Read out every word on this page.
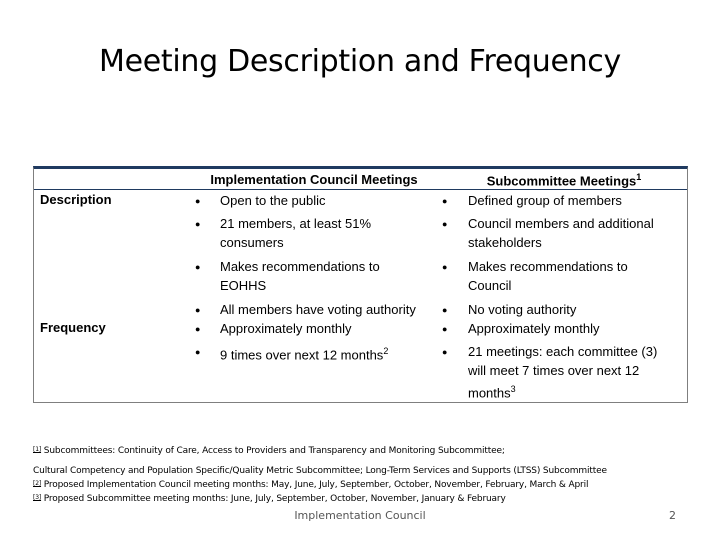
Meeting Description and Frequency
Implementation Council Meetings	Subcommittee Meetings$^1$
Description
Frequency
● Open to the public
● 21 members, at least 51%
consumers
● Makes recommendations to
EOHHS
● All members have voting authority
● Approximately monthly
● 9 times over next 12 months$^2$
● Defined group of members
● Council members and additional
stakeholders
● Makes recommendations to
Council
● No voting authority
● Approximately monthly
● 21 meetings: each committee (3)
will meet 7 times over next 12
months$^3$
[1] Subcommittees: Continuity of Care, Access to Providers and Transparency and Monitoring Subcommittee;
Cultural Competency and Population Specific/Quality Metric Subcommittee; Long-Term Services and Supports (LTSS) Subcommittee
[2] Proposed Implementation Council meeting months: May, June, July, September, October, November, February, March & April
[3] Proposed Subcommittee meeting months: June, July, September, October, November, January & February
Implementation Council	2
